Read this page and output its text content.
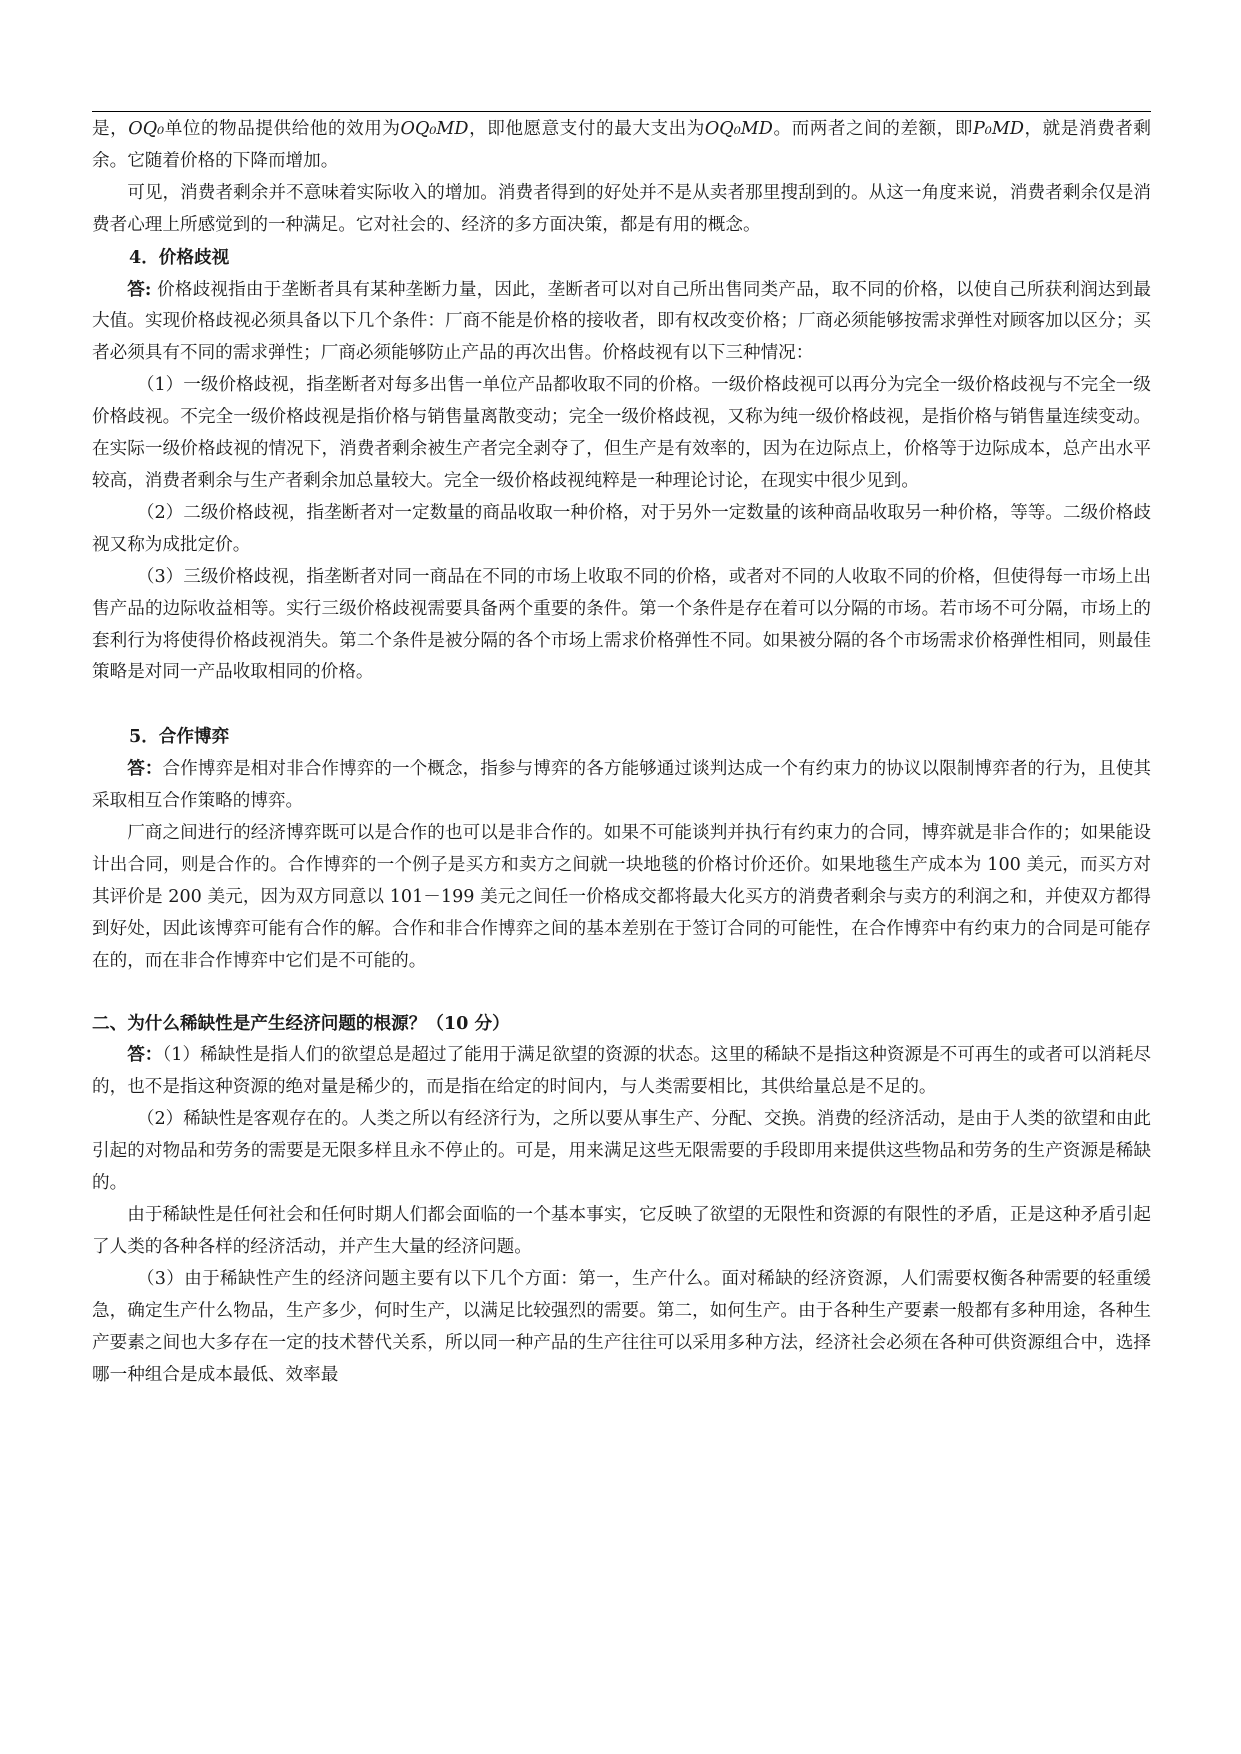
是，OQ₀单位的物品提供给他的效用为OQ₀MD，即他愿意支付的最大支出为OQ₀MD。而两者之间的差额，即P₀MD，就是消费者剩余。它随着价格的下降而增加。

可见，消费者剩余并不意味着实际收入的增加。消费者得到的好处并不是从卖者那里搜刮到的。从这一角度来说，消费者剩余仅是消费者心理上所感觉到的一种满足。它对社会的、经济的多方面决策，都是有用的概念。

4．价格歧视

答: 价格歧视指由于垄断者具有某种垄断力量，因此，垄断者可以对自己所出售同类产品，取不同的价格，以使自己所获利润达到最大值。实现价格歧视必须具备以下几个条件：厂商不能是价格的接收者，即有权改变价格；厂商必须能够按需求弹性对顾客加以区分；买者必须具有不同的需求弹性；厂商必须能够防止产品的再次出售。价格歧视有以下三种情况：

（1）一级价格歧视，指垄断者对每多出售一单位产品都收取不同的价格。一级价格歧视可以再分为完全一级价格歧视与不完全一级价格歧视。不完全一级价格歧视是指价格与销售量离散变动；完全一级价格歧视，又称为纯一级价格歧视，是指价格与销售量连续变动。在实际一级价格歧视的情况下，消费者剩余被生产者完全剥夺了，但生产是有效率的，因为在边际点上，价格等于边际成本，总产出水平较高，消费者剩余与生产者剩余加总量较大。完全一级价格歧视纯粹是一种理论讨论，在现实中很少见到。

（2）二级价格歧视，指垄断者对一定数量的商品收取一种价格，对于另外一定数量的该种商品收取另一种价格，等等。二级价格歧视又称为成批定价。

（3）三级价格歧视，指垄断者对同一商品在不同的市场上收取不同的价格，或者对不同的人收取不同的价格，但使得每一市场上出售产品的边际收益相等。实行三级价格歧视需要具备两个重要的条件。第一个条件是存在着可以分隔的市场。若市场不可分隔，市场上的套利行为将使得价格歧视消失。第二个条件是被分隔的各个市场上需求价格弹性不同。如果被分隔的各个市场需求价格弹性相同，则最佳策略是对同一产品收取相同的价格。

5．合作博弈

答：合作博弈是相对非合作博弈的一个概念，指参与博弈的各方能够通过谈判达成一个有约束力的协议以限制博弈者的行为，且使其采取相互合作策略的博弈。

厂商之间进行的经济博弈既可以是合作的也可以是非合作的。如果不可能谈判并执行有约束力的合同，博弈就是非合作的；如果能设计出合同，则是合作的。合作博弈的一个例子是买方和卖方之间就一块地毯的价格讨价还价。如果地毯生产成本为 100 美元，而买方对其评价是 200 美元，因为双方同意以 101－199 美元之间任一价格成交都将最大化买方的消费者剩余与卖方的利润之和，并使双方都得到好处，因此该博弈可能有合作的解。合作和非合作博弈之间的基本差别在于签订合同的可能性，在合作博弈中有约束力的合同是可能存在的，而在非合作博弈中它们是不可能的。

二、为什么稀缺性是产生经济问题的根源？（10 分）

答：（1）稀缺性是指人们的欲望总是超过了能用于满足欲望的资源的状态。这里的稀缺不是指这种资源是不可再生的或者可以消耗尽的，也不是指这种资源的绝对量是稀少的，而是指在给定的时间内，与人类需要相比，其供给量总是不足的。

（2）稀缺性是客观存在的。人类之所以有经济行为，之所以要从事生产、分配、交换。消费的经济活动，是由于人类的欲望和由此引起的对物品和劳务的需要是无限多样且永不停止的。可是，用来满足这些无限需要的手段即用来提供这些物品和劳务的生产资源是稀缺的。

由于稀缺性是任何社会和任何时期人们都会面临的一个基本事实，它反映了欲望的无限性和资源的有限性的矛盾，正是这种矛盾引起了人类的各种各样的经济活动，并产生大量的经济问题。

（3）由于稀缺性产生的经济问题主要有以下几个方面：第一，生产什么。面对稀缺的经济资源，人们需要权衡各种需要的轻重缓急，确定生产什么物品，生产多少，何时生产，以满足比较强烈的需要。第二，如何生产。由于各种生产要素一般都有多种用途，各种生产要素之间也大多存在一定的技术替代关系，所以同一种产品的生产往往可以采用多种方法，经济社会必须在各种可供资源组合中，选择哪一种组合是成本最低、效率最
